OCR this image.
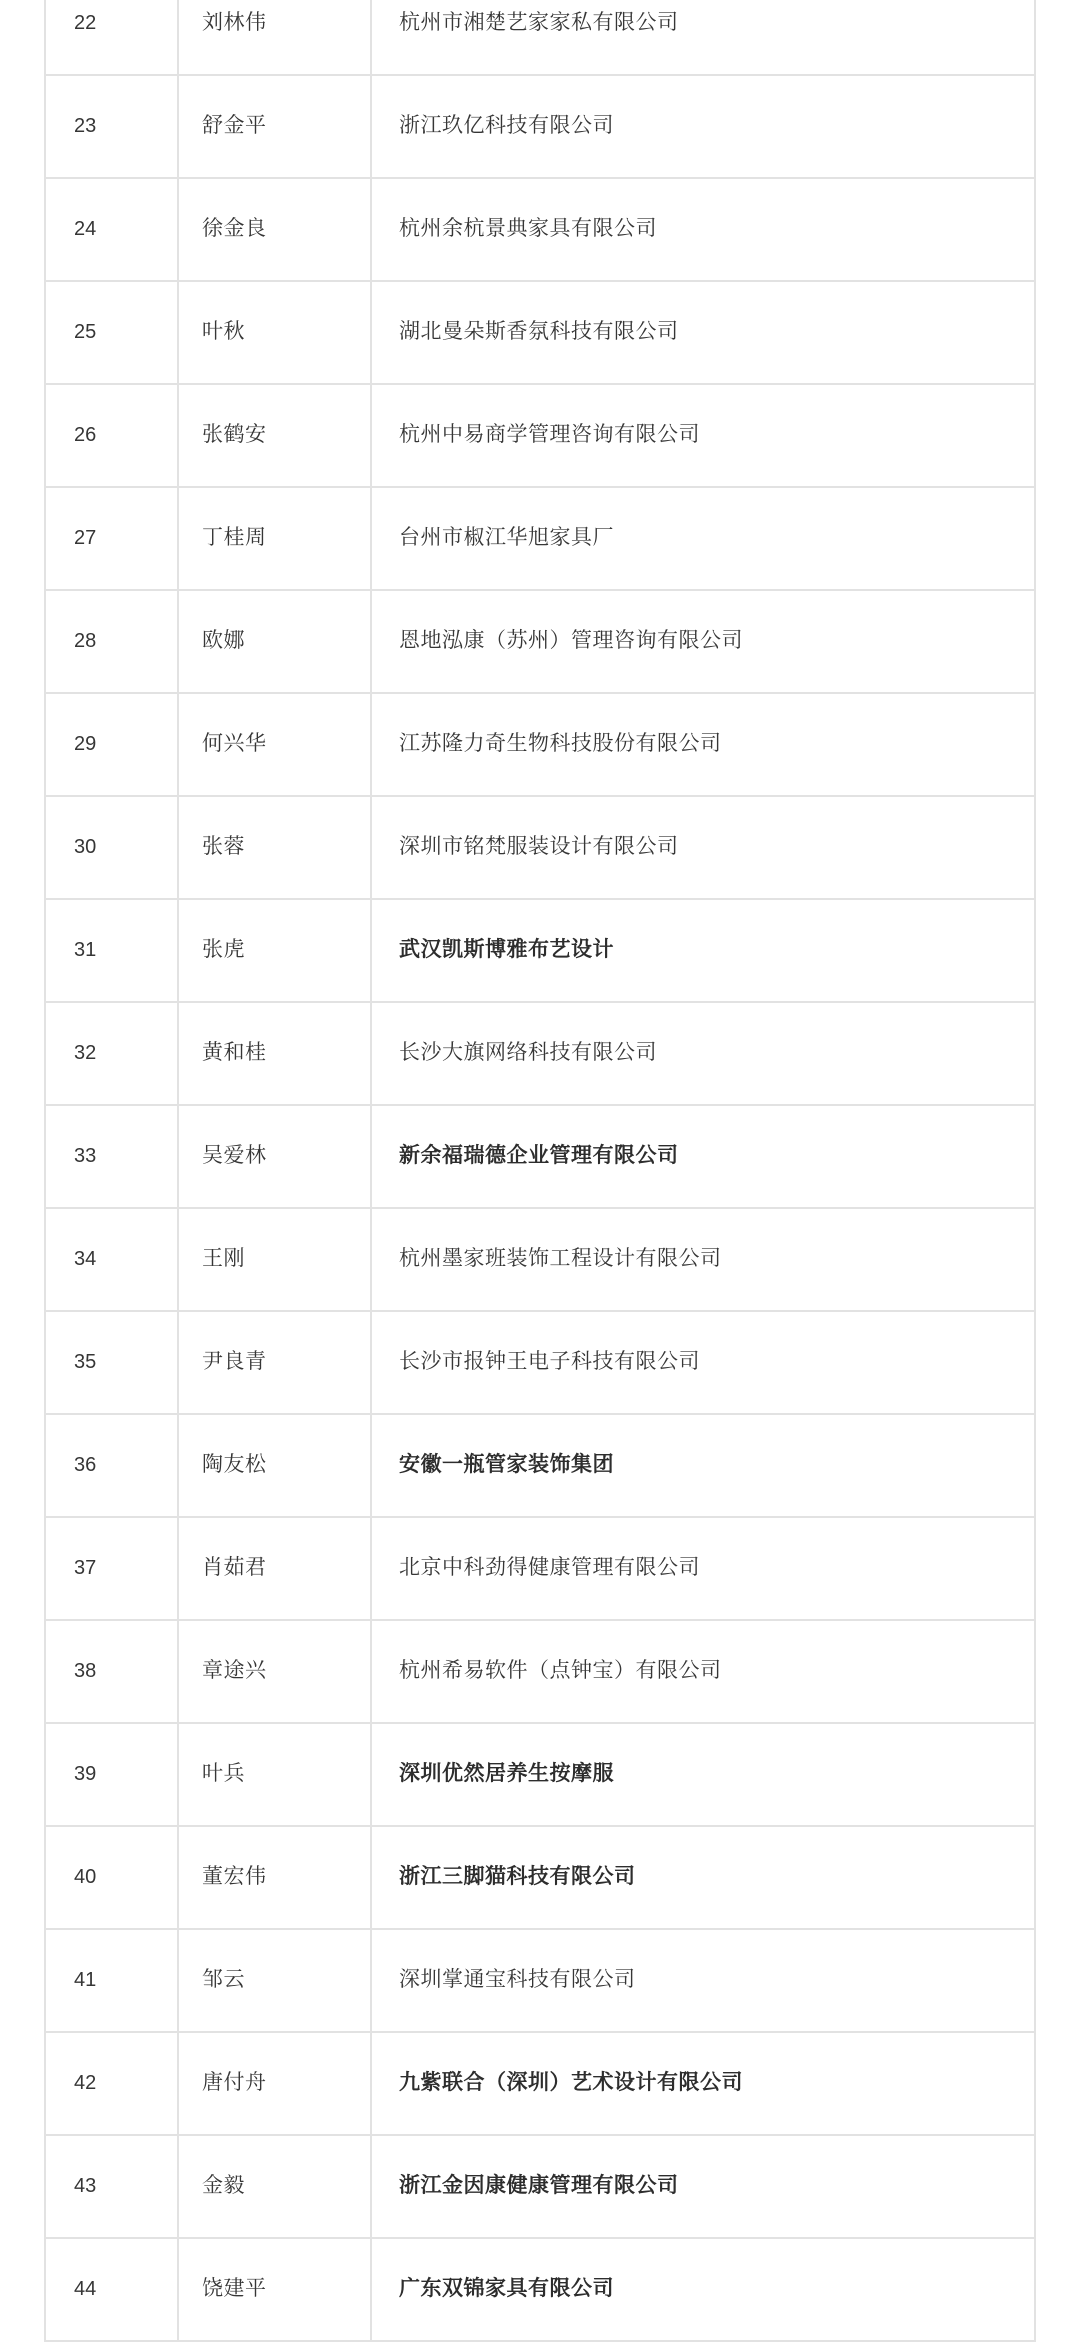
22	刘林伟	杭州市湘楚艺家家私有限公司
23	舒金平	浙江玖亿科技有限公司
24	徐金良	杭州余杭景典家具有限公司
25	叶秋	湖北曼朵斯香氛科技有限公司
26	张鹤安	杭州中易商学管理咨询有限公司
27	丁桂周	台州市椒江华旭家具厂
28	欧娜	恩地泓康（苏州）管理咨询有限公司
29	何兴华	江苏隆力奇生物科技股份有限公司
30	张蓉	深圳市铭梵服装设计有限公司
31	张虎	武汉凯斯博雅布艺设计
32	黄和桂	长沙大旗网络科技有限公司
33	吴爱林	新余福瑞德企业管理有限公司
34	王刚	杭州墨家班装饰工程设计有限公司
35	尹良青	长沙市报钟王电子科技有限公司
36	陶友松	安徽一瓶管家装饰集团
37	肖茹君	北京中科劲得健康管理有限公司
38	章途兴	杭州希易软件（点钟宝）有限公司
39	叶兵	深圳优然居养生按摩服
40	董宏伟	浙江三脚猫科技有限公司
41	邹云	深圳掌通宝科技有限公司
42	唐付舟	九紫联合（深圳）艺术设计有限公司
43	金毅	浙江金因康健康管理有限公司
44	饶建平	广东双锦家具有限公司
